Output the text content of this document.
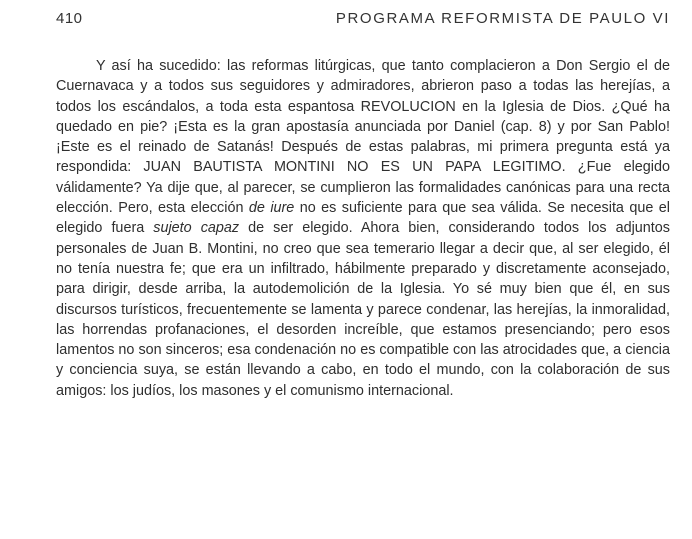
410	PROGRAMA REFORMISTA DE PAULO VI

Y así ha sucedido: las reformas litúrgicas, que tanto complacieron a Don Sergio el de Cuernavaca y a todos sus seguidores y admiradores, abrieron paso a todas las herejías, a todos los escándalos, a toda esta espantosa REVOLUCION en la Iglesia de Dios. ¿Qué ha quedado en pie? ¡Esta es la gran apostasía anunciada por Daniel (cap. 8) y por San Pablo! ¡Este es el reinado de Satanás! Después de estas palabras, mi primera pregunta está ya respondida: JUAN BAUTISTA MONTINI NO ES UN PAPA LEGITIMO. ¿Fue elegido válidamente? Ya dije que, al parecer, se cumplieron las formalidades canónicas para una recta elección. Pero, esta elección de iure no es suficiente para que sea válida. Se necesita que el elegido fuera sujeto capaz de ser elegido. Ahora bien, considerando todos los adjuntos personales de Juan B. Montini, no creo que sea temerario llegar a decir que, al ser elegido, él no tenía nuestra fe; que era un infiltrado, hábilmente preparado y discretamente aconsejado, para dirigir, desde arriba, la autodemolición de la Iglesia. Yo sé muy bien que él, en sus discursos turísticos, frecuentemente se lamenta y parece condenar, las herejías, la inmoralidad, las horrendas profanaciones, el desorden increíble, que estamos presenciando; pero esos lamentos no son sinceros; esa condenación no es compatible con las atrocidades que, a ciencia y conciencia suya, se están llevando a cabo, en todo el mundo, con la colaboración de sus amigos: los judíos, los masones y el comunismo internacional.
